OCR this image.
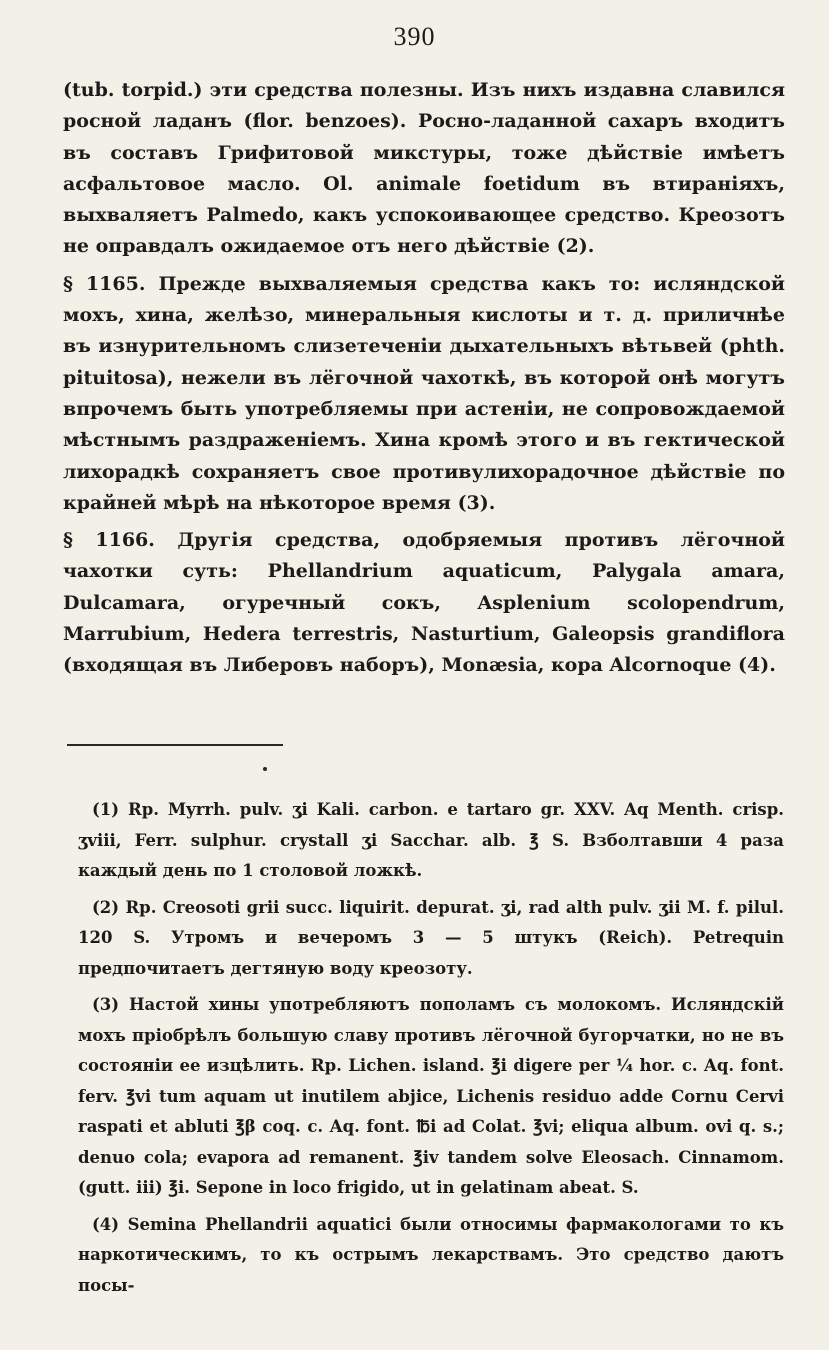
390

(tub. torpid.) эти средства полезны. Изъ нихъ издавна славился росной ладанъ (flor. benzoes). Росно-ладанной сахаръ входитъ въ составъ Грифитовой микстуры, тоже дѣйствіе имѣетъ асфальтовое масло. Ol. animale foetidum въ втиранiяхъ, выхваляетъ Palmedo, какъ успокоивающее средство. Креозотъ не оправдалъ ожидаемое отъ него дѣйствіе (2).

§ 1165. Прежде выхваляемыя средства какъ то: исляндской мохъ, хина, желѣзо, минеральныя кислоты и т. д. приличнѣе въ изнурительномъ слизетеченіи дыхательныхъ вѣтьвей (phth. pituitosa), нежели въ лёгочной чахоткѣ, въ которой онѣ могутъ впрочемъ быть употребляемы при астеніи, не сопровождаемой мѣстнымъ раздраженіемъ. Хина кромѣ этого и въ гектической лихорадкѣ сохраняетъ свое противулихорадочное дѣйствіе по крайней мѣрѣ на нѣкоторое время (3).

§ 1166. Другія средства, одобряемыя противъ лёгочной чахотки суть: Phellandrium aquaticum, Palygala amara, Dulcamara, огуречный сокъ, Asplenium scolopendrum, Marrubium, Hedera terrestris, Nasturtium, Galeopsis grandiflora (входящая въ Либеровъ наборъ), Monæsia, кора Alcornoque (4).

(1) Rp. Myrrh. pulv. ʒi Kali. carbon. e tartaro gr. XXV. Aq Menth. crisp. ʒviii, Ferr. sulphur. crystall ʒi Sacchar. alb. ℥ S. Взболтавши 4 раза каждый день по 1 столовой ложкѣ.

(2) Rp. Creosoti grii succ. liquirit. depurat. ʒi, rad alth pulv. ʒii M. f. pilul. 120 S. Утромъ и вечеромъ 3 — 5 штукъ (Reich). Petrequin предпочитаетъ дегтяную воду креозоту.

(3) Настой хины употребляютъ пополамъ съ молокомъ. Исляндскій мохъ пріобрѣлъ большую славу противъ лёгочной бугорчатки, но не въ состояніи ее изцѣлить. Rp. Lichen. island. ℥i digere per ¼ hor. c. Aq. font. ferv. ℥vi tum aquam ut inutilem abjice, Lichenis residuo adde Cornu Cervi raspati et abluti ℥β coq. c. Aq. font. ℔i ad Colat. ℥vi; eliqua album. ovi q. s.; denuo cola; evapora ad remanent. ℥iv tandem solve Eleosach. Cinnamom. (gutt. iii) ℥i. Sepone in loco frigido, ut in gelatinam abeat. S.

(4) Semina Phellandrii aquatici были относимы фармакологами то къ наркотическимъ, то къ острымъ лекарствамъ. Это средство даютъ посы-
